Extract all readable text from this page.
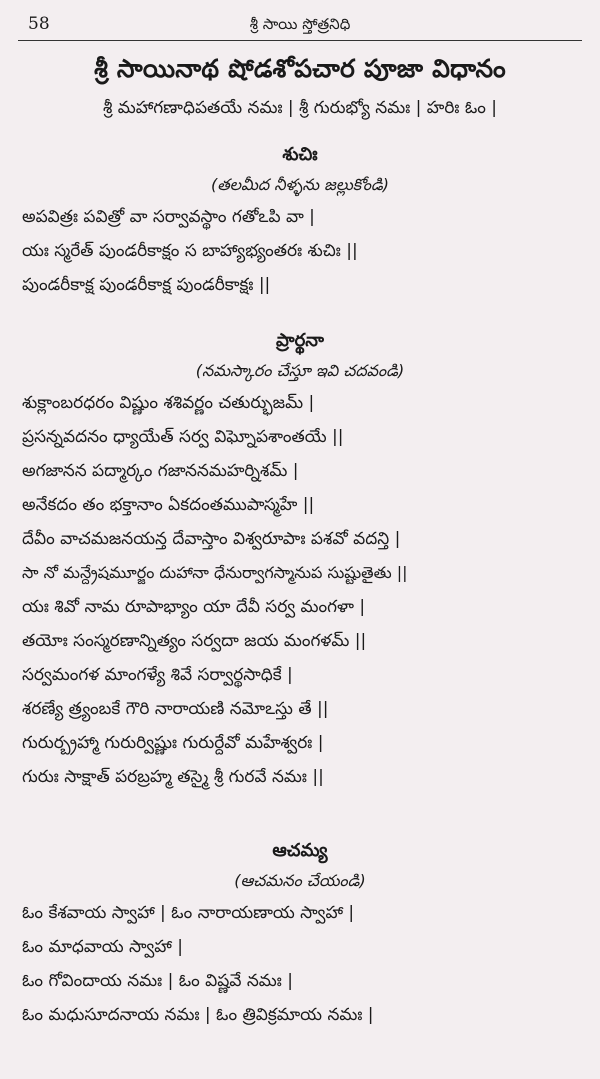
58	శ్రీ సాయి స్తోత్రనిధి
శ్రీ సాయినాథ షోడశోపచార పూజా విధానం
శ్రీ మహాగణాధిపతయే నమః | శ్రీ గురుభ్యో నమః | హరిః ఓం |
శుచిః
(తలమీద నీళ్ళను జల్లుకోండి)
అపవిత్రః పవిత్రో వా సర్వావస్థాం గతోఽపి వా |
యః స్మరేత్ పుండరీకాక్షం స బాహ్యాభ్యంతరః శుచిః ||
పుండరీకాక్ష పుండరీకాక్ష పుండరీకాక్షః ||
ప్రార్థనా
(నమస్కారం చేస్తూ ఇవి చదవండి)
శుక్లాంబరధరం విష్ణుం శశివర్ణం చతుర్భుజమ్ |
ప్రసన్నవదనం ధ్యాయేత్ సర్వ విఘ్నోపశాంతయే ||
అగజానన పద్మార్కం గజాననమహర్నిశమ్ |
అనేకదం తం భక్తానాం ఏకదంతముపాస్మహే ||
దేవీం వాచమజనయన్త దేవాస్తాం విశ్వరూపాః పశవో వదన్తి |
సా నో మన్ద్రేషమూర్జం దుహానా ధేనుర్వాగస్మానుప సుష్టుతైతు ||
యః శివో నామ రూపాభ్యాం యా దేవీ సర్వ మంగళా |
తయోః సంస్మరణాన్నిత్యం సర్వదా జయ మంగళమ్ ||
సర్వమంగళ మాంగళ్యే శివే సర్వార్థసాధికే |
శరణ్యే త్ర్యంబకే గౌరి నారాయణి నమోఽస్తు తే ||
గురుర్బ్రహ్మా గురుర్విష్ణుః గురుర్దేవో మహేశ్వరః |
గురుః సాక్షాత్ పరబ్రహ్మ తస్మై శ్రీ గురవే నమః ||
ఆచమ్య
(ఆచమనం చేయండి)
ఓం కేశవాయ స్వాహా | ఓం నారాయణాయ స్వాహా |
ఓం మాధవాయ స్వాహా |
ఓం గోవిందాయ నమః | ఓం విష్ణవే నమః |
ఓం మధుసూదనాయ నమః | ఓం త్రివిక్రమాయ నమః |
